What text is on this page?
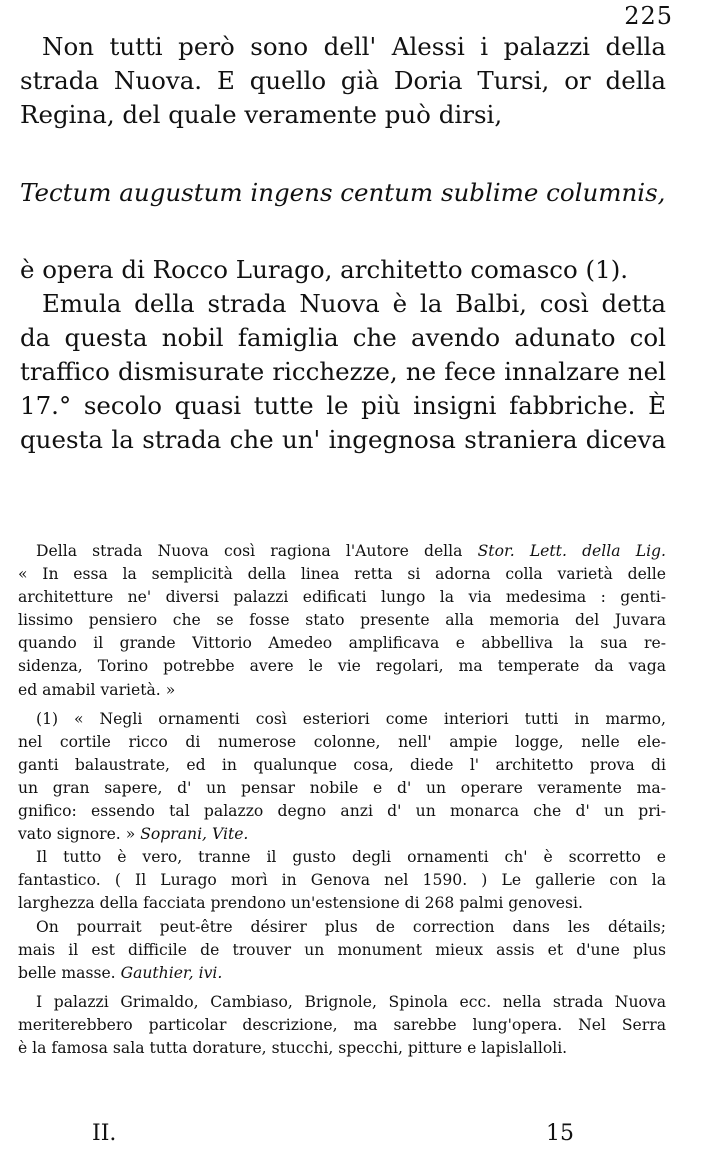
225

Non tutti però sono dell' Alessi i palazzi della

strada Nuova. E quello già Doria Tursi, or della

Regina, del quale veramente può dirsi,

Tectum augustum ingens centum sublime columnis,

è opera di Rocco Lurago, architetto comasco (1).

Emula della strada Nuova è la Balbi, così detta

da questa nobil famiglia che avendo adunato col

traffico dismisurate ricchezze, ne fece innalzare nel

17.° secolo quasi tutte le più insigni fabbriche. È

questa la strada che un' ingegnosa straniera diceva

Della strada Nuova così ragiona l'Autore della Stor. Lett. della Lig.

« In essa la semplicità della linea retta si adorna colla varietà delle

architetture ne' diversi palazzi edificati lungo la via medesima : genti-

lissimo pensiero che se fosse stato presente alla memoria del Juvara

quando il grande Vittorio Amedeo amplificava e abbelliva la sua re-

sidenza, Torino potrebbe avere le vie regolari, ma temperate da vaga

ed amabil varietà. »

(1) « Negli ornamenti così esteriori come interiori tutti in marmo,

nel cortile ricco di numerose colonne, nell' ampie logge, nelle ele-

ganti balaustrate, ed in qualunque cosa, diede l' architetto prova di

un gran sapere, d' un pensar nobile e d' un operare veramente ma-

gnifico: essendo tal palazzo degno anzi d' un monarca che d' un pri-

vato signore. » Soprani, Vite.

Il tutto è vero, tranne il gusto degli ornamenti ch' è scorretto e

fantastico. ( Il Lurago morì in Genova nel 1590. ) Le gallerie con la

larghezza della facciata prendono un'estensione di 268 palmi genovesi.

On pourrait peut-être désirer plus de correction dans les détails;

mais il est difficile de trouver un monument mieux assis et d'une plus

belle masse. Gauthier, ivi.

I palazzi Grimaldo, Cambiaso, Brignole, Spinola ecc. nella strada Nuova

meriterebbero particolar descrizione, ma sarebbe lung'opera. Nel Serra

è la famosa sala tutta dorature, stucchi, specchi, pitture e lapislalloli.

II.	15
